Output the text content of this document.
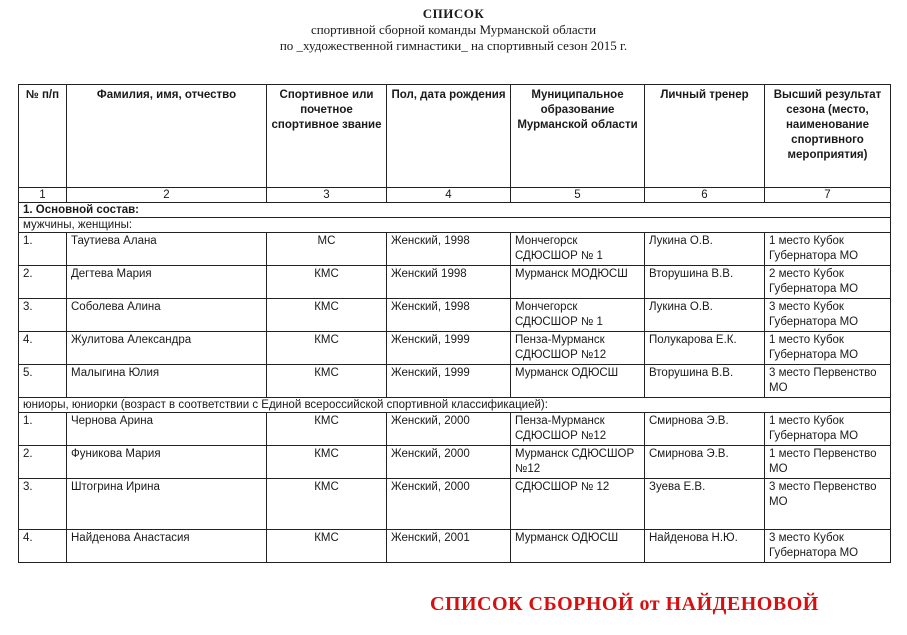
СПИСОК
спортивной сборной команды Мурманской области
по _художественной гимнастики_ на спортивный сезон 2015 г.
№ п/п	Фамилия, имя, отчество	Спортивное или почетное спортивное звание	Пол, дата рождения	Муниципальное образование Мурманской области	Личный тренер	Высший результат сезона (место, наименование спортивного мероприятия)
1	2	3	4	5	6	7
1. Основной состав:						
мужчины, женщины:						
1.	Таутиева Алана	МС	Женский, 1998	Мончегорск СДЮСШОР № 1	Лукина О.В.	1 место Кубок Губернатора МО
2.	Дегтева Мария	КМС	Женский 1998	Мурманск МОДЮСШ	Вторушина В.В.	2 место Кубок Губернатора МО
3.	Соболева Алина	КМС	Женский, 1998	Мончегорск СДЮСШОР № 1	Лукина О.В.	3 место Кубок Губернатора МО
4.	Жулитова Александра	КМС	Женский, 1999	Пенза-Мурманск СДЮСШОР №12	Полукарова Е.К.	1 место Кубок Губернатора МО
5.	Малыгина Юлия	КМС	Женский, 1999	Мурманск ОДЮСШ	Вторушина В.В.	3 место Первенство МО
юниоры, юниорки (возраст в соответствии с Единой всероссийской спортивной классификацией):						
1.	Чернова Арина	КМС	Женский, 2000	Пенза-Мурманск СДЮСШОР №12	Смирнова Э.В.	1 место Кубок Губернатора МО
2.	Фуникова Мария	КМС	Женский, 2000	Мурманск СДЮСШОР №12	Смирнова Э.В.	1 место Первенство МО
3.	Штогрина Ирина	КМС	Женский, 2000	СДЮСШОР № 12	Зуева Е.В.	3 место Первенство МО
4.	Найденова Анастасия	КМС	Женский, 2001	Мурманск ОДЮСШ	Найденова Н.Ю.	3 место Кубок Губернатора МО
СПИСОК СБОРНОЙ от НАЙДЕНОВОЙ
